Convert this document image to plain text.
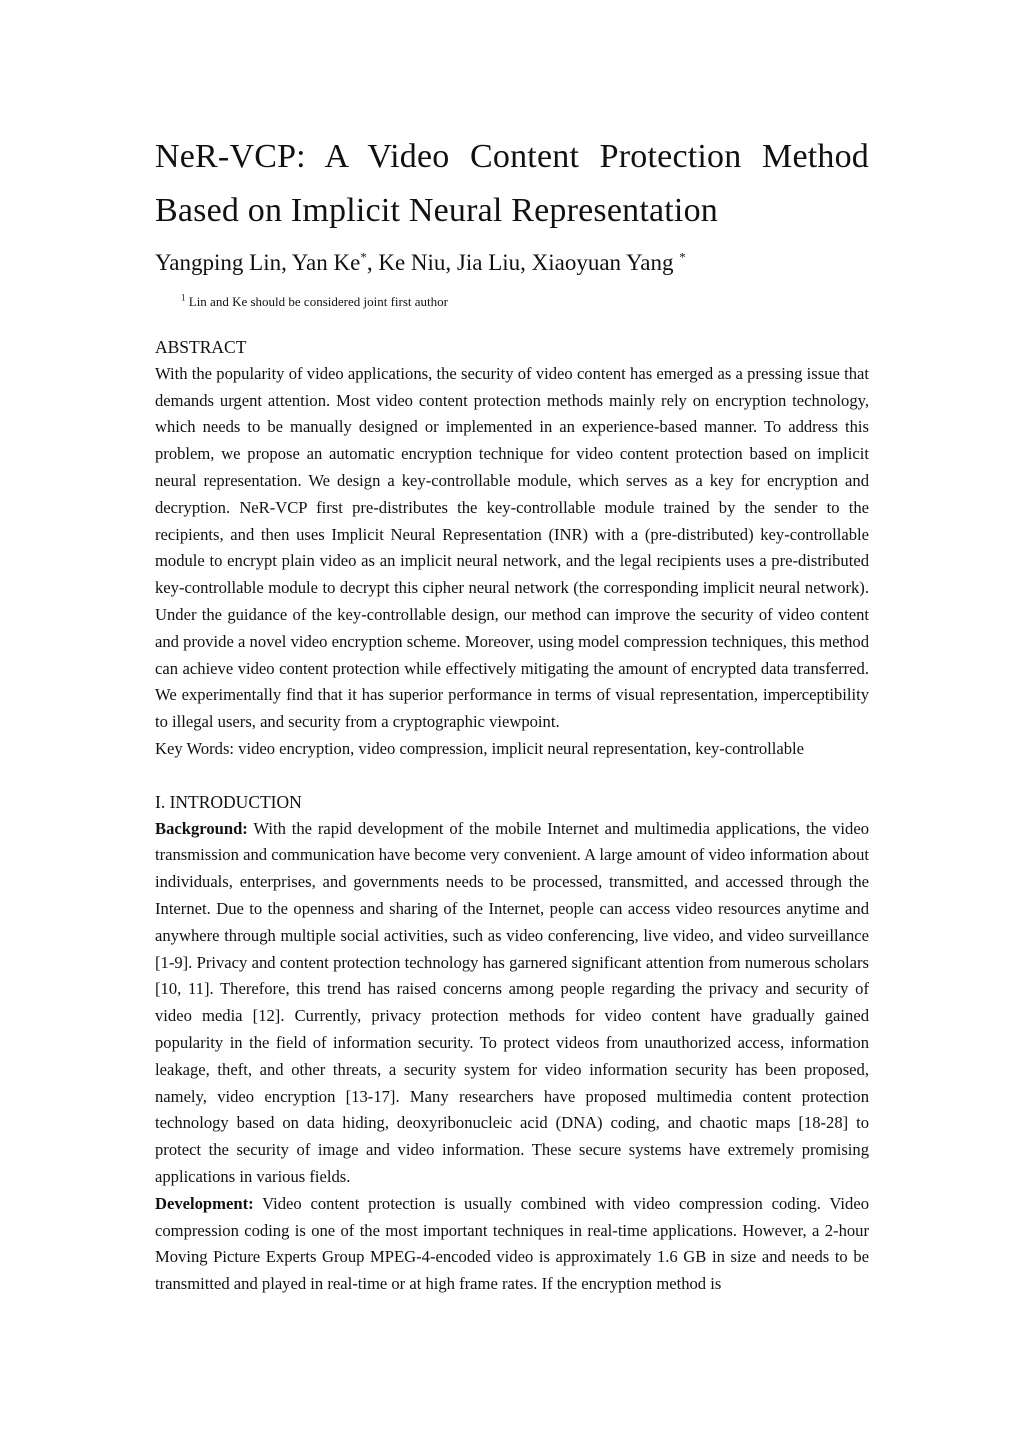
NeR-VCP: A Video Content Protection Method
Based on Implicit Neural Representation
Yangping Lin, Yan Ke*, Ke Niu, Jia Liu, Xiaoyuan Yang *
$^1$ Lin and Ke should be considered joint first author
ABSTRACT

With the popularity of video applications, the security of video content has emerged as a pressing issue that demands urgent attention. Most video content protection methods mainly rely on encryption technology, which needs to be manually designed or implemented in an experience-based manner. To address this problem, we propose an automatic encryption technique for video content protection based on implicit neural representation. We design a key-controllable module, which serves as a key for encryption and decryption. NeR-VCP first pre-distributes the key-controllable module trained by the sender to the recipients, and then uses Implicit Neural Representation (INR) with a (pre-distributed) key-controllable module to encrypt plain video as an implicit neural network, and the legal recipients uses a pre-distributed key-controllable module to decrypt this cipher neural network (the corresponding implicit neural network). Under the guidance of the key-controllable design, our method can improve the security of video content and provide a novel video encryption scheme. Moreover, using model compression techniques, this method can achieve video content protection while effectively mitigating the amount of encrypted data transferred. We experimentally find that it has superior performance in terms of visual representation, imperceptibility to illegal users, and security from a cryptographic viewpoint.

Key Words: video encryption, video compression, implicit neural representation, key-controllable

I. INTRODUCTION

Background: With the rapid development of the mobile Internet and multimedia applications, the video transmission and communication have become very convenient. A large amount of video information about individuals, enterprises, and governments needs to be processed, transmitted, and accessed through the Internet. Due to the openness and sharing of the Internet, people can access video resources anytime and anywhere through multiple social activities, such as video conferencing, live video, and video surveillance [1-9]. Privacy and content protection technology has garnered significant attention from numerous scholars [10, 11]. Therefore, this trend has raised concerns among people regarding the privacy and security of video media [12]. Currently, privacy protection methods for video content have gradually gained popularity in the field of information security. To protect videos from unauthorized access, information leakage, theft, and other threats, a security system for video information security has been proposed, namely, video encryption [13-17]. Many researchers have proposed multimedia content protection technology based on data hiding, deoxyribonucleic acid (DNA) coding, and chaotic maps [18-28] to protect the security of image and video information. These secure systems have extremely promising applications in various fields.

Development: Video content protection is usually combined with video compression coding. Video compression coding is one of the most important techniques in real-time applications. However, a 2-hour Moving Picture Experts Group MPEG-4-encoded video is approximately 1.6 GB in size and needs to be transmitted and played in real-time or at high frame rates. If the encryption method is
